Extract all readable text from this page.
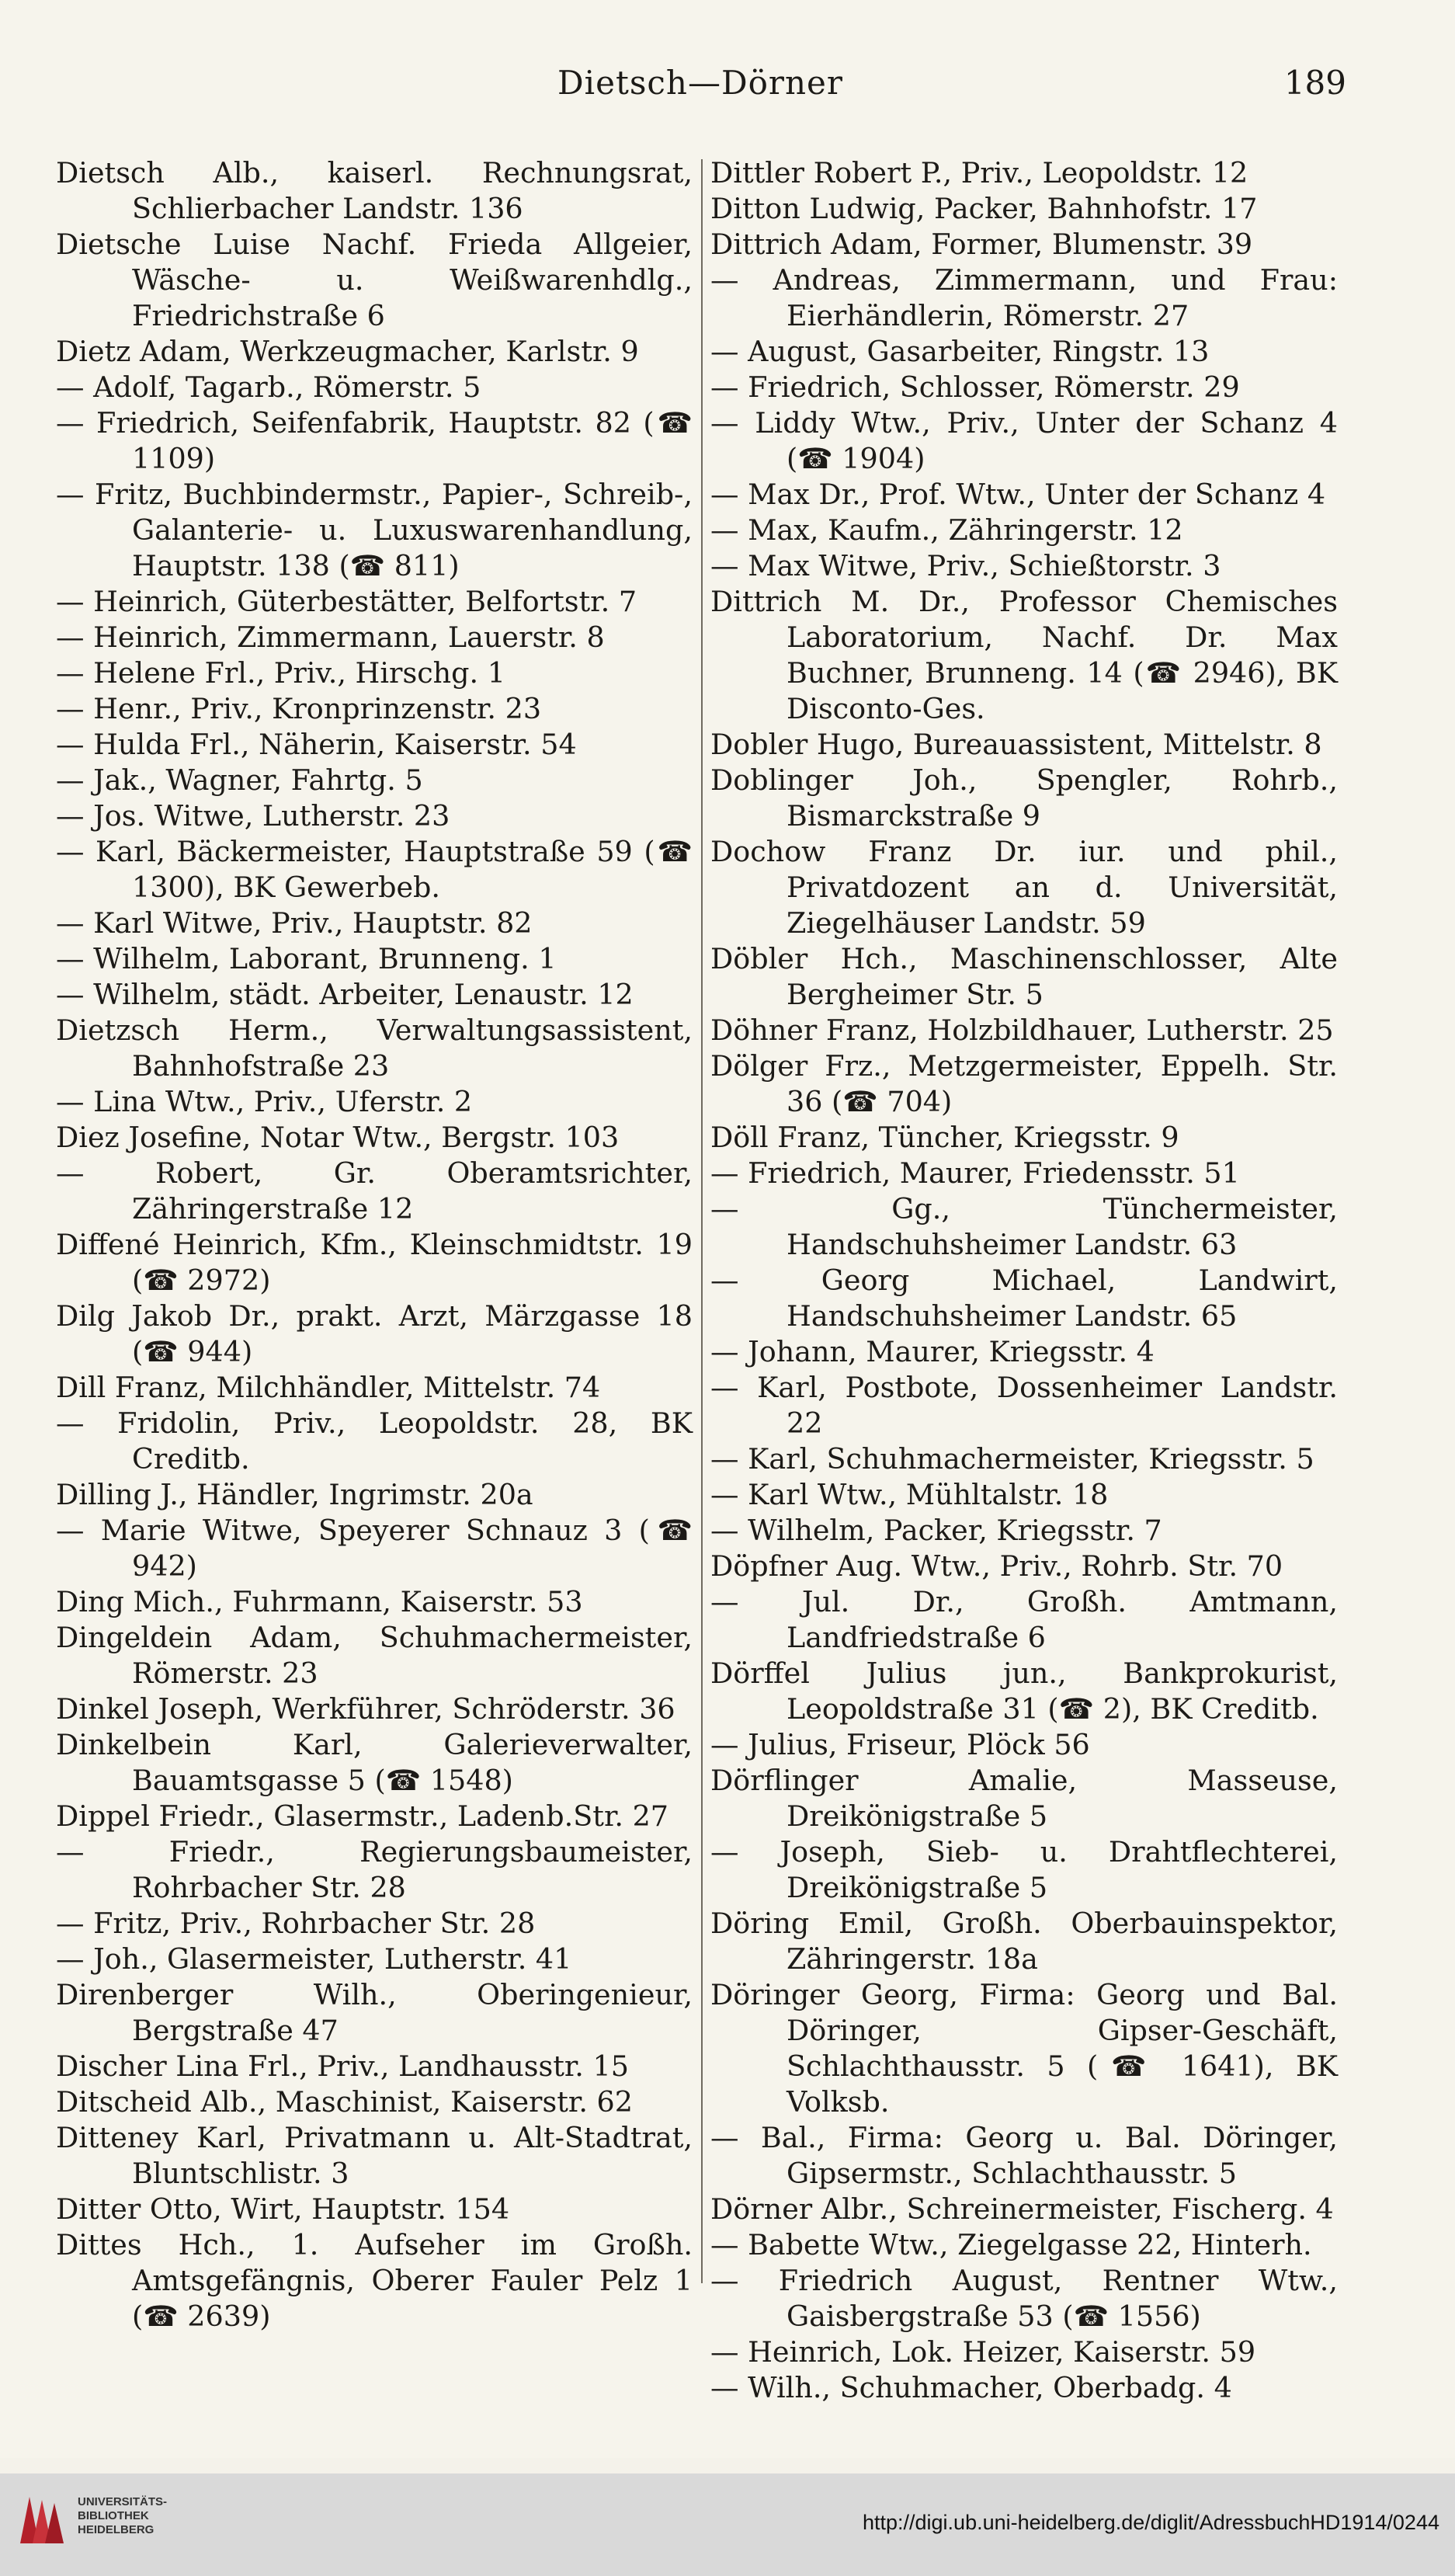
Dietsch—Dörner	189
Dietsch Alb., kaiserl. Rechnungsrat, Schlierbacher Landstr. 136
Dietsche Luise Nachf. Frieda Allgeier, Wäsche- u. Weißwarenhdlg., Friedrichstraße 6
Dietz Adam, Werkzeugmacher, Karlstr. 9
— Adolf, Tagarb., Römerstr. 5
— Friedrich, Seifenfabrik, Hauptstr. 82 (☎ 1109)
— Fritz, Buchbindermstr., Papier-, Schreib-, Galanterie- u. Luxuswarenhandlung, Hauptstr. 138 (☎ 811)
— Heinrich, Güterbestätter, Belfortstr. 7
— Heinrich, Zimmermann, Lauerstr. 8
— Helene Frl., Priv., Hirschg. 1
— Henr., Priv., Kronprinzenstr. 23
— Hulda Frl., Näherin, Kaiserstr. 54
— Jak., Wagner, Fahrtg. 5
— Jos. Witwe, Lutherstr. 23
— Karl, Bäckermeister, Hauptstraße 59 (☎ 1300), BK Gewerbeb.
— Karl Witwe, Priv., Hauptstr. 82
— Wilhelm, Laborant, Brunneng. 1
— Wilhelm, städt. Arbeiter, Lenaustr. 12
Dietzsch Herm., Verwaltungsassistent, Bahnhofstraße 23
— Lina Wtw., Priv., Uferstr. 2
Diez Josefine, Notar Wtw., Bergstr. 103
— Robert, Gr. Oberamtsrichter, Zähringerstraße 12
Diffené Heinrich, Kfm., Kleinschmidtstr. 19 (☎ 2972)
Dilg Jakob Dr., prakt. Arzt, Märzgasse 18 (☎ 944)
Dill Franz, Milchhändler, Mittelstr. 74
— Fridolin, Priv., Leopoldstr. 28, BK Creditb.
Dilling J., Händler, Ingrimstr. 20a
— Marie Witwe, Speyerer Schnauz 3 (☎ 942)
Ding Mich., Fuhrmann, Kaiserstr. 53
Dingeldein Adam, Schuhmachermeister, Römerstr. 23
Dinkel Joseph, Werkführer, Schröderstr. 36
Dinkelbein Karl, Galerieverwalter, Bauamtsgasse 5 (☎ 1548)
Dippel Friedr., Glasermstr., Ladenb.Str. 27
— Friedr., Regierungsbaumeister, Rohrbacher Str. 28
— Fritz, Priv., Rohrbacher Str. 28
— Joh., Glasermeister, Lutherstr. 41
Direnberger Wilh., Oberingenieur, Bergstraße 47
Discher Lina Frl., Priv., Landhausstr. 15
Ditscheid Alb., Maschinist, Kaiserstr. 62
Ditteney Karl, Privatmann u. Alt-Stadtrat, Bluntschlistr. 3
Ditter Otto, Wirt, Hauptstr. 154
Dittes Hch., 1. Aufseher im Großh. Amtsgefängnis, Oberer Fauler Pelz 1 (☎ 2639)
Dittler Robert P., Priv., Leopoldstr. 12
Ditton Ludwig, Packer, Bahnhofstr. 17
Dittrich Adam, Former, Blumenstr. 39
— Andreas, Zimmermann, und Frau: Eierhändlerin, Römerstr. 27
— August, Gasarbeiter, Ringstr. 13
— Friedrich, Schlosser, Römerstr. 29
— Liddy Wtw., Priv., Unter der Schanz 4 (☎ 1904)
— Max Dr., Prof. Wtw., Unter der Schanz 4
— Max, Kaufm., Zähringerstr. 12
— Max Witwe, Priv., Schießtorstr. 3
Dittrich M. Dr., Professor Chemisches Laboratorium, Nachf. Dr. Max Buchner, Brunneng. 14 (☎ 2946), BK Disconto-Ges.
Dobler Hugo, Bureauassistent, Mittelstr. 8
Doblinger Joh., Spengler, Rohrb., Bismarckstraße 9
Dochow Franz Dr. iur. und phil., Privatdozent an d. Universität, Ziegelhäuser Landstr. 59
Döbler Hch., Maschinenschlosser, Alte Bergheimer Str. 5
Döhner Franz, Holzbildhauer, Lutherstr. 25
Dölger Frz., Metzgermeister, Eppelh. Str. 36 (☎ 704)
Döll Franz, Tüncher, Kriegsstr. 9
— Friedrich, Maurer, Friedensstr. 51
— Gg., Tünchermeister, Handschuhsheimer Landstr. 63
— Georg Michael, Landwirt, Handschuhsheimer Landstr. 65
— Johann, Maurer, Kriegsstr. 4
— Karl, Postbote, Dossenheimer Landstr. 22
— Karl, Schuhmachermeister, Kriegsstr. 5
— Karl Wtw., Mühltalstr. 18
— Wilhelm, Packer, Kriegsstr. 7
Döpfner Aug. Wtw., Priv., Rohrb. Str. 70
— Jul. Dr., Großh. Amtmann, Landfriedstraße 6
Dörffel Julius jun., Bankprokurist, Leopoldstraße 31 (☎ 2), BK Creditb.
— Julius, Friseur, Plöck 56
Dörflinger Amalie, Masseuse, Dreikönigstraße 5
— Joseph, Sieb- u. Drahtflechterei, Dreikönigstraße 5
Döring Emil, Großh. Oberbauinspektor, Zähringerstr. 18a
Döringer Georg, Firma: Georg und Bal. Döringer, Gipser-Geschäft, Schlachthausstr. 5 (☎ 1641), BK Volksb.
— Bal., Firma: Georg u. Bal. Döringer, Gipsermstr., Schlachthausstr. 5
Dörner Albr., Schreinermeister, Fischerg. 4
— Babette Wtw., Ziegelgasse 22, Hinterh.
— Friedrich August, Rentner Wtw., Gaisbergstraße 53 (☎ 1556)
— Heinrich, Lok. Heizer, Kaiserstr. 59
— Wilh., Schuhmacher, Oberbadg. 4
UNIVERSITÄTS-
BIBLIOTHEK
HEIDELBERG	http://digi.ub.uni-heidelberg.de/diglit/AdressbuchHD1914/0244
